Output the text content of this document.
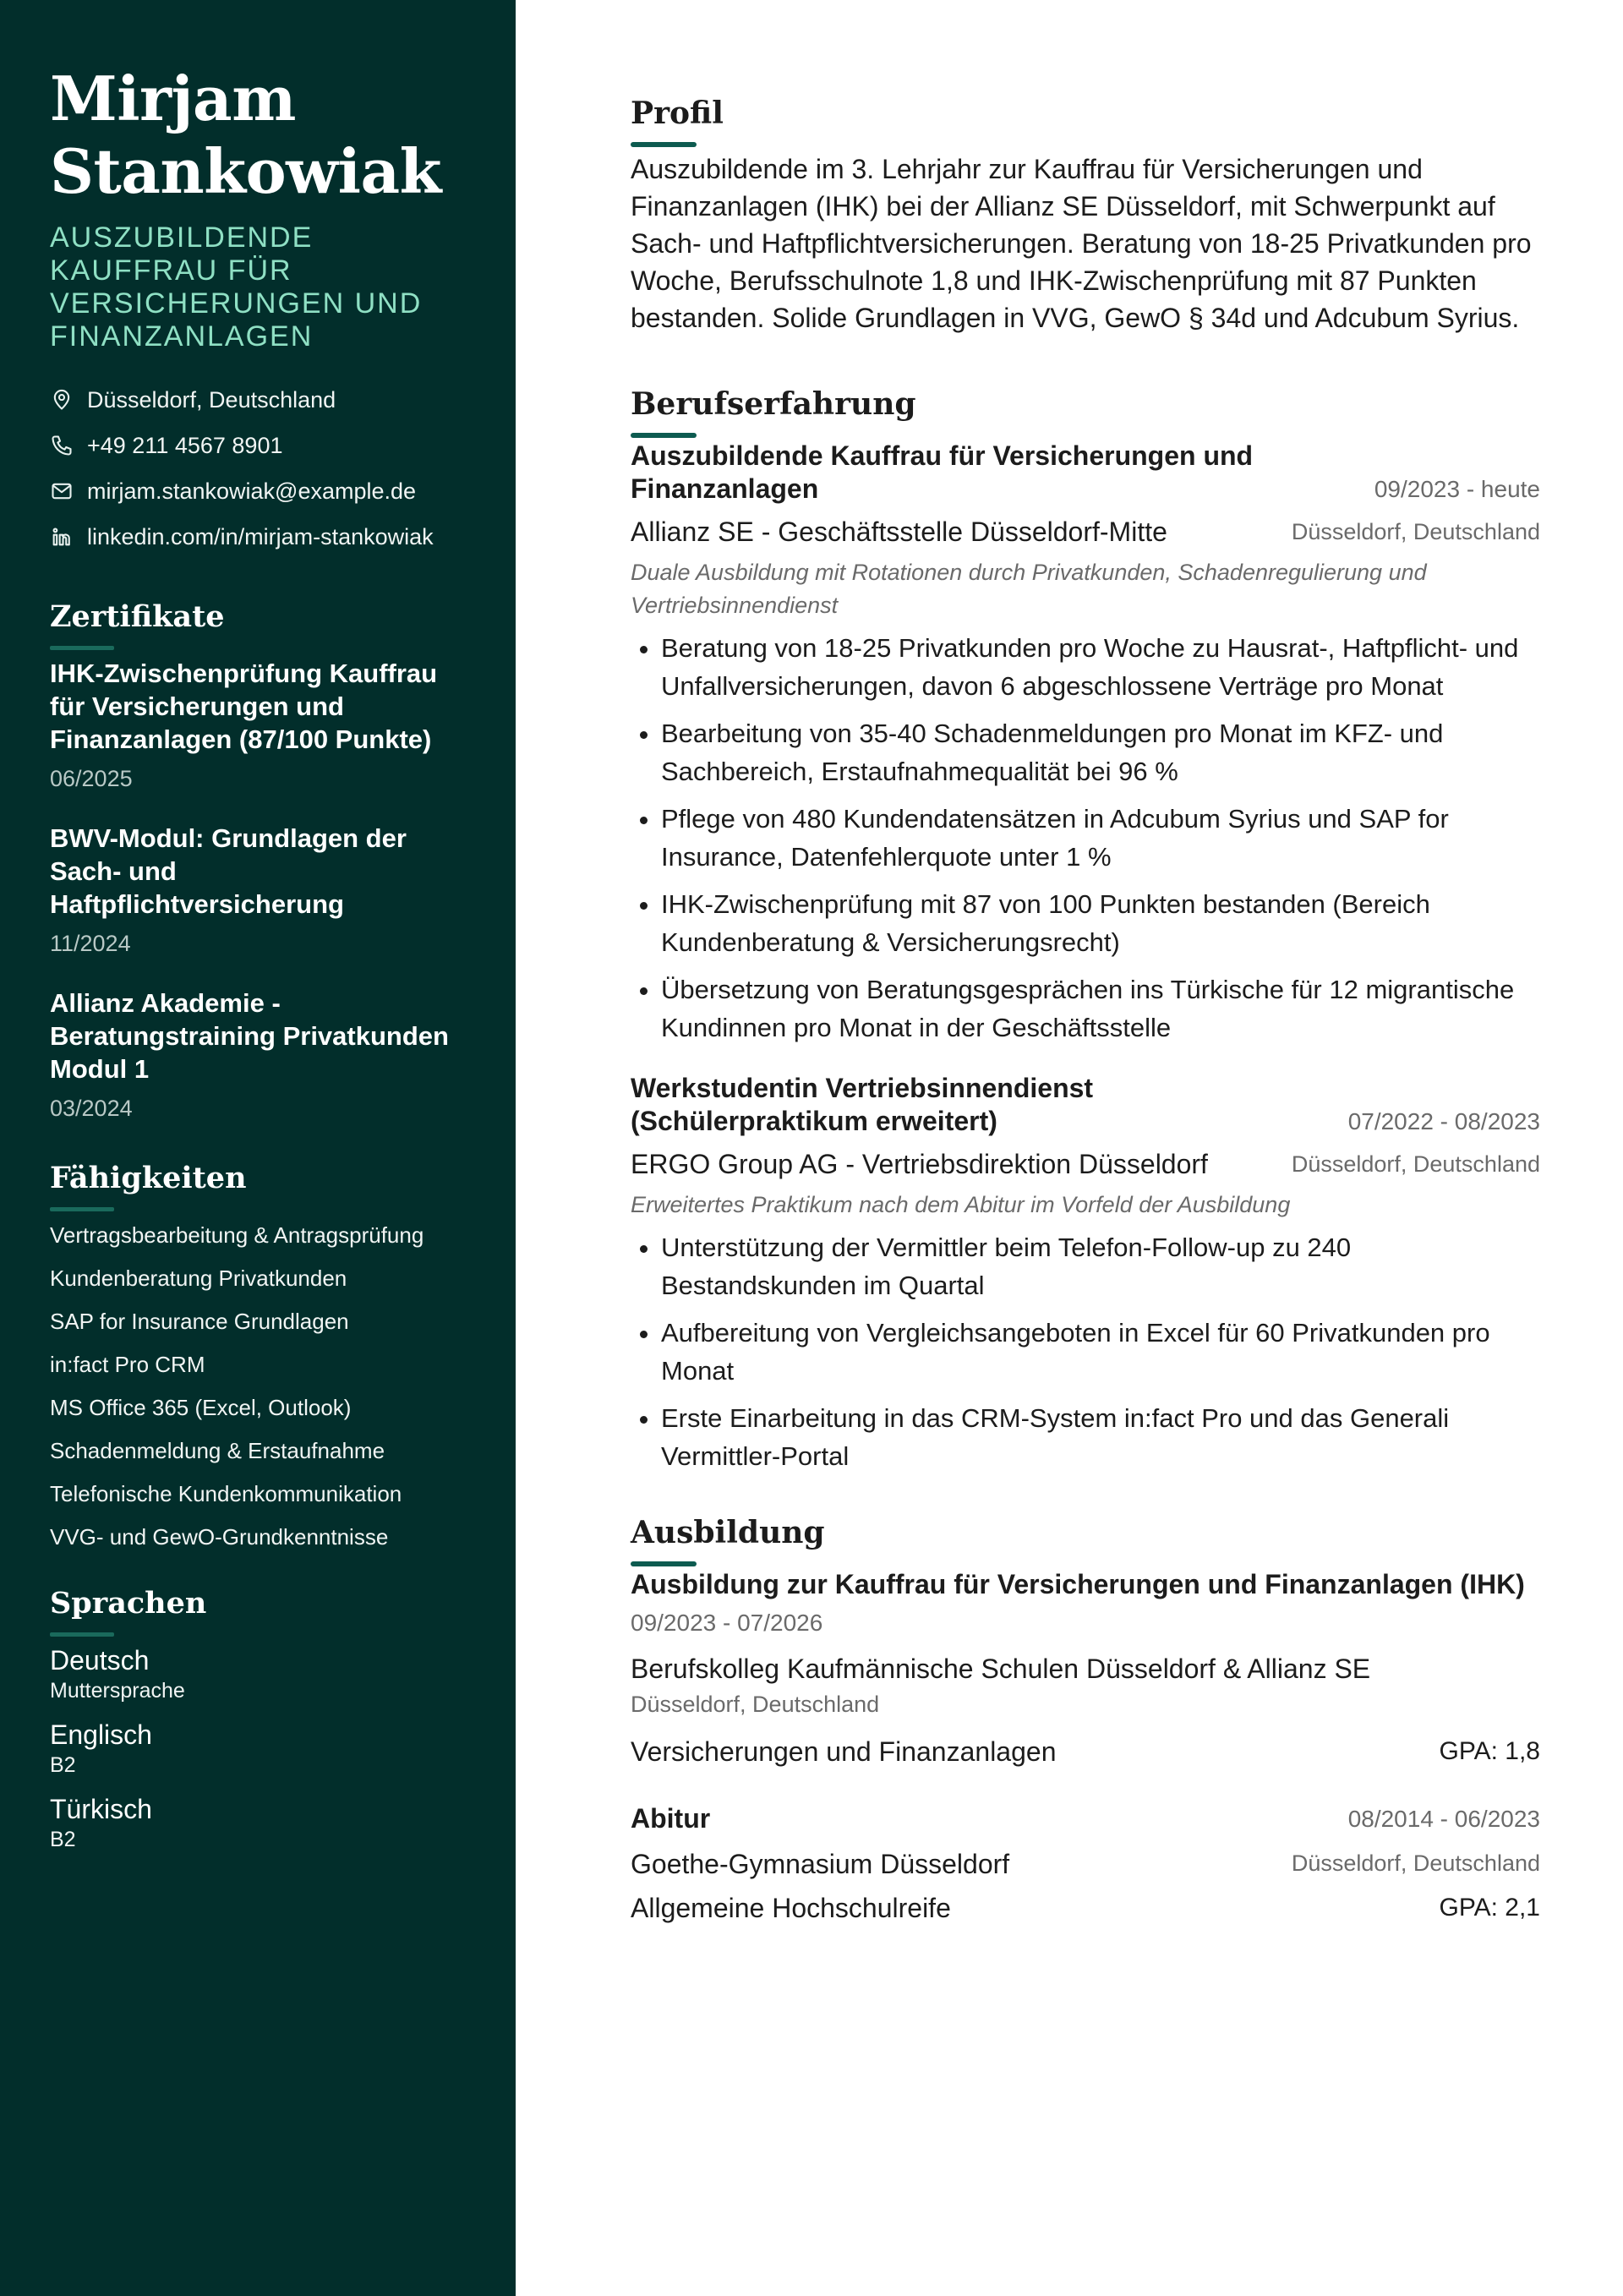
Mirjam Stankowiak
AUSZUBILDENDE KAUFFRAU FÜR VERSICHERUNGEN UND FINANZANLAGEN
Düsseldorf, Deutschland
+49 211 4567 8901
mirjam.stankowiak@example.de
linkedin.com/in/mirjam-stankowiak
Zertifikate
IHK-Zwischenprüfung Kauffrau für Versicherungen und Finanzanlagen (87/100 Punkte)
06/2025
BWV-Modul: Grundlagen der Sach- und Haftpflichtversicherung
11/2024
Allianz Akademie - Beratungstraining Privatkunden Modul 1
03/2024
Fähigkeiten
Vertragsbearbeitung & Antragsprüfung
Kundenberatung Privatkunden
SAP for Insurance Grundlagen
in:fact Pro CRM
MS Office 365 (Excel, Outlook)
Schadenmeldung & Erstaufnahme
Telefonische Kundenkommunikation
VVG- und GewO-Grundkenntnisse
Sprachen
Deutsch
Muttersprache
Englisch
B2
Türkisch
B2
Profil
Auszubildende im 3. Lehrjahr zur Kauffrau für Versicherungen und Finanzanlagen (IHK) bei der Allianz SE Düsseldorf, mit Schwerpunkt auf Sach- und Haftpflichtversicherungen. Beratung von 18-25 Privatkunden pro Woche, Berufsschulnote 1,8 und IHK-Zwischenprüfung mit 87 Punkten bestanden. Solide Grundlagen in VVG, GewO § 34d und Adcubum Syrius.
Berufserfahrung
Auszubildende Kauffrau für Versicherungen und Finanzanlagen	09/2023 - heute
Allianz SE - Geschäftsstelle Düsseldorf-Mitte	Düsseldorf, Deutschland
Duale Ausbildung mit Rotationen durch Privatkunden, Schadenregulierung und Vertriebsinnendienst
• Beratung von 18-25 Privatkunden pro Woche zu Hausrat-, Haftpflicht- und Unfallversicherungen, davon 6 abgeschlossene Verträge pro Monat
• Bearbeitung von 35-40 Schadenmeldungen pro Monat im KFZ- und Sachbereich, Erstaufnahmequalität bei 96 %
• Pflege von 480 Kundendatensätzen in Adcubum Syrius und SAP for Insurance, Datenfehlerquote unter 1 %
• IHK-Zwischenprüfung mit 87 von 100 Punkten bestanden (Bereich Kundenberatung & Versicherungsrecht)
• Übersetzung von Beratungsgesprächen ins Türkische für 12 migrantische Kundinnen pro Monat in der Geschäftsstelle
Werkstudentin Vertriebsinnendienst (Schülerpraktikum erweitert)	07/2022 - 08/2023
ERGO Group AG - Vertriebsdirektion Düsseldorf	Düsseldorf, Deutschland
Erweitertes Praktikum nach dem Abitur im Vorfeld der Ausbildung
• Unterstützung der Vermittler beim Telefon-Follow-up zu 240 Bestandskunden im Quartal
• Aufbereitung von Vergleichsangeboten in Excel für 60 Privatkunden pro Monat
• Erste Einarbeitung in das CRM-System in:fact Pro und das Generali Vermittler-Portal
Ausbildung
Ausbildung zur Kauffrau für Versicherungen und Finanzanlagen (IHK)
09/2023 - 07/2026
Berufskolleg Kaufmännische Schulen Düsseldorf & Allianz SE
Düsseldorf, Deutschland
Versicherungen und Finanzanlagen	GPA: 1,8
Abitur	08/2014 - 06/2023
Goethe-Gymnasium Düsseldorf	Düsseldorf, Deutschland
Allgemeine Hochschulreife	GPA: 2,1
